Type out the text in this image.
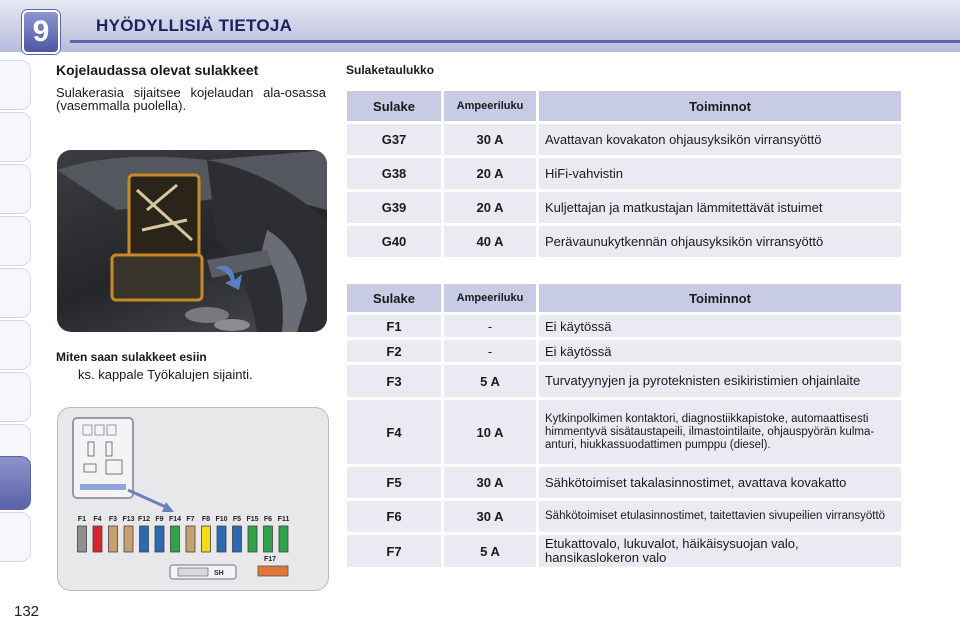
9	HYÖDYLLISIÄ TIETOJA
132
Kojelaudassa olevat sulakkeet
Sulakerasia sijaitsee kojelaudan ala-osassa (vasemmalla puolella).
Miten saan sulakkeet esiin
ks. kappale Työkalujen sijainti.
F1 F4 F3 F13 F12 F9 F14 F7 F8 F10 F5 F15 F6 F11
SH
F17
Sulaketaulukko
Sulake	Ampeeriluku	Toiminnot
G37	30 A	Avattavan kovakaton ohjausyksikön virransyöttö
G38	20 A	HiFi-vahvistin
G39	20 A	Kuljettajan ja matkustajan lämmitettävät istuimet
G40	40 A	Perävaunukytkennän ohjausyksikön virransyöttö
Sulake	Ampeeriluku	Toiminnot
F1	-	Ei käytössä
F2	-	Ei käytössä
F3	5 A	Turvatyynyjen ja pyroteknisten esikiristimien ohjainlaite
F4	10 A	Kytkinpolkimen kontaktori, diagnostiikkapistoke, automaattisesti himmentyvä sisätaustapeili, ilmastointilaite, ohjauspyörän kulma-anturi, hiukkassuodattimen pumppu (diesel).
F5	30 A	Sähkötoimiset takalasinnostimet, avattava kovakatto
F6	30 A	Sähkötoimiset etulasinnostimet, taitettavien sivupeilien virransyöttö
F7	5 A	Etukattovalo, lukuvalot, häikäisysuojan valo, hansikaslokeron valo
